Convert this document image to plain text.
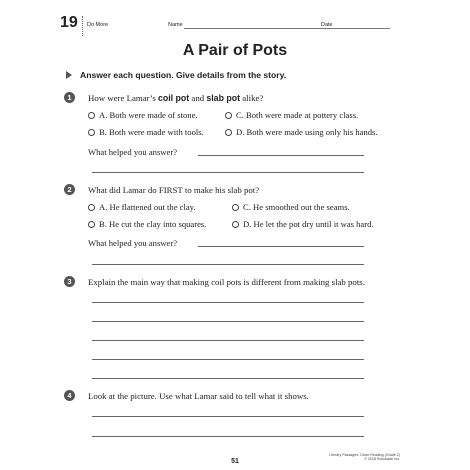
19 Do More	Name	Date
A Pair of Pots
Answer each question. Give details from the story.
1	How were Lamar’s coil pot and slab pot alike?
A. Both were made of stone.	C. Both were made at pottery class.
B. Both were made with tools.	D. Both were made using only his hands.
What helped you answer?
2	What did Lamar do FIRST to make his slab pot?
A. He flattened out the clay.	C. He smoothed out the seams.
B. He cut the clay into squares.	D. He let the pot dry until it was hard.
What helped you answer?
3	Explain the main way that making coil pots is different from making slab pots.
4	Look at the picture. Use what Lamar said to tell what it shows.
51
Literary Passages: Close Reading (Grade 2)
© 2018 Scholastic Inc.
